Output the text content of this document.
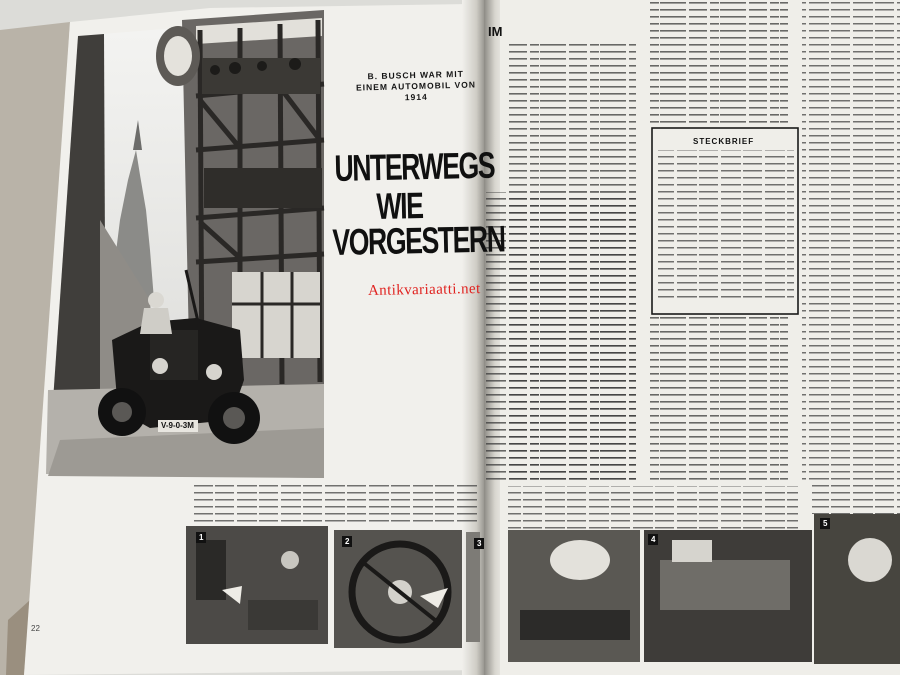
B. BUSCH WAR MIT EINEM AUTOMOBIL VON 1914
UNTERWEGS
WIE
VORGESTERN
IM
STECKBRIEF
22
V-9-0-3M
1	2	3	4
5
Antikvariaatti.net
